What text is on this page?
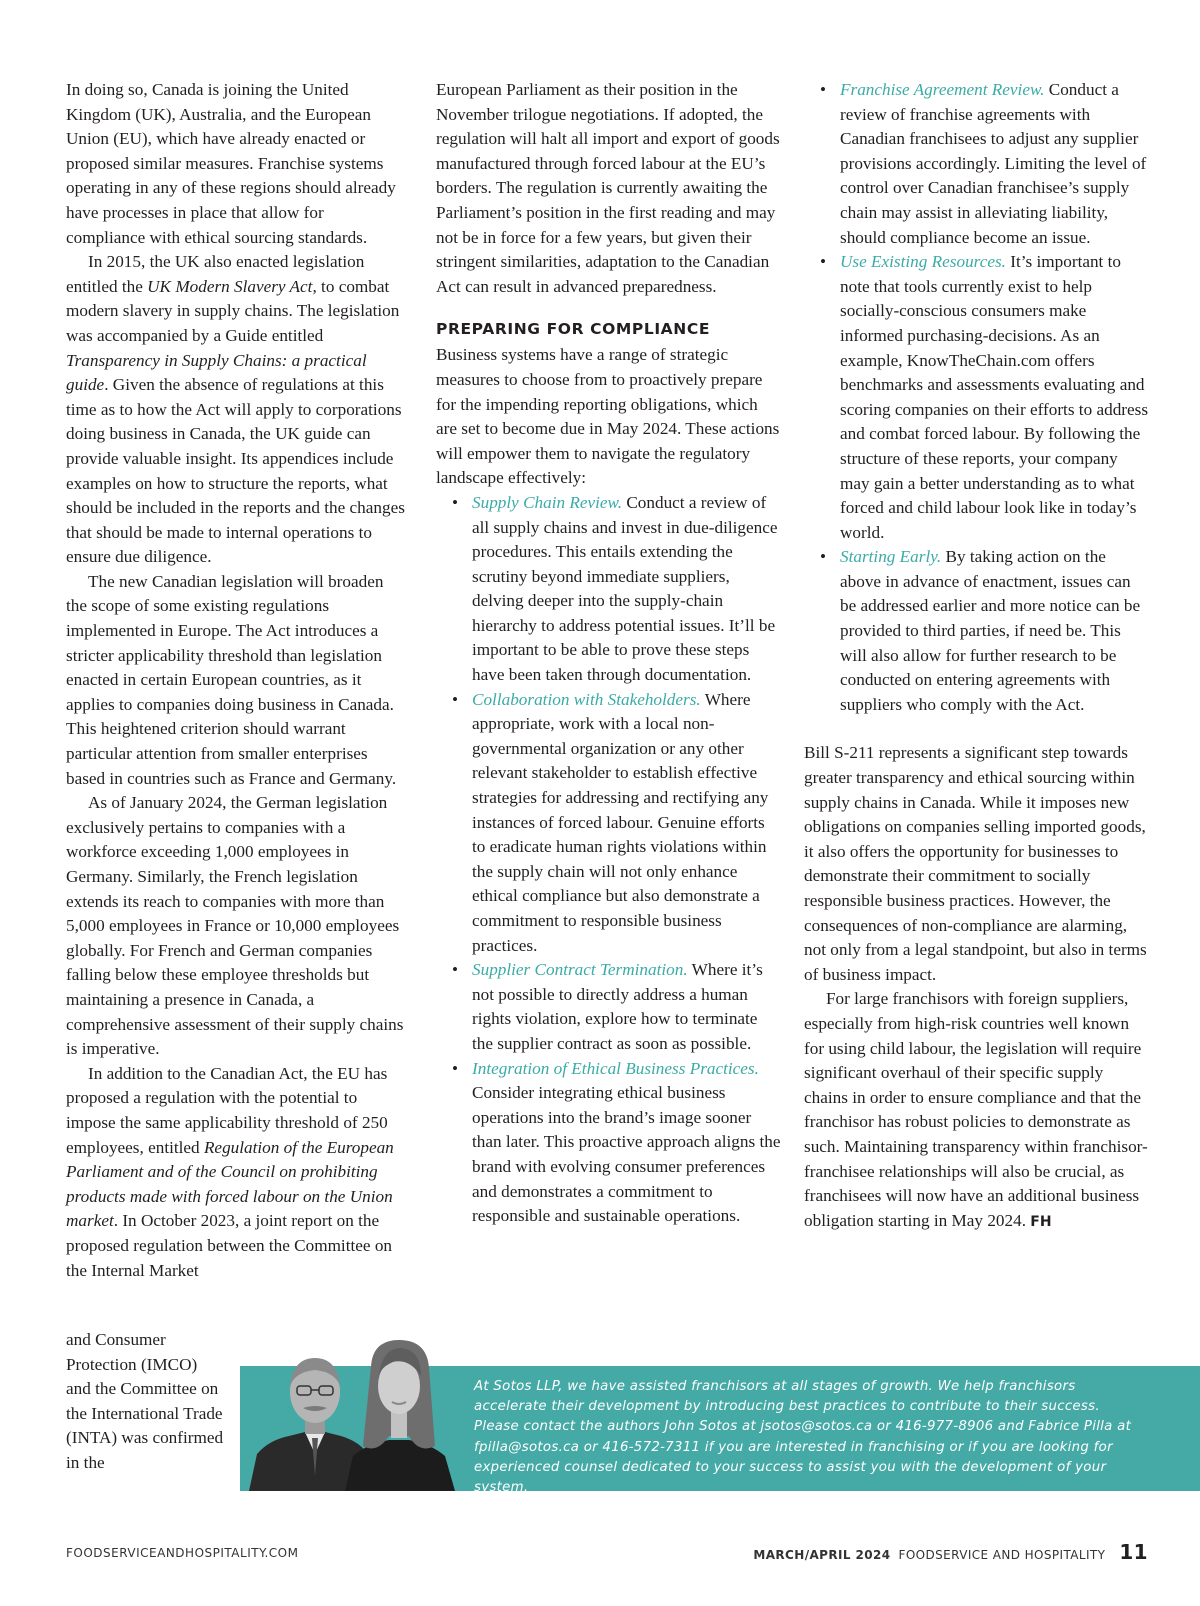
In doing so, Canada is joining the United Kingdom (UK), Australia, and the European Union (EU), which have already enacted or proposed similar measures. Franchise systems operating in any of these regions should already have processes in place that allow for compliance with ethical sourcing standards.

In 2015, the UK also enacted legislation entitled the UK Modern Slavery Act, to combat modern slavery in supply chains. The legislation was accompanied by a Guide entitled Transparency in Supply Chains: a practical guide. Given the absence of regulations at this time as to how the Act will apply to corporations doing business in Canada, the UK guide can provide valuable insight. Its appendices include examples on how to structure the reports, what should be included in the reports and the changes that should be made to internal operations to ensure due diligence.

The new Canadian legislation will broaden the scope of some existing regulations implemented in Europe. The Act introduces a stricter applicability threshold than legislation enacted in certain European countries, as it applies to companies doing business in Canada. This heightened criterion should warrant particular attention from smaller enterprises based in countries such as France and Germany.

As of January 2024, the German legislation exclusively pertains to companies with a workforce exceeding 1,000 employees in Germany. Similarly, the French legislation extends its reach to companies with more than 5,000 employees in France or 10,000 employees globally. For French and German companies falling below these employee thresholds but maintaining a presence in Canada, a comprehensive assessment of their supply chains is imperative.

In addition to the Canadian Act, the EU has proposed a regulation with the potential to impose the same applicability threshold of 250 employees, entitled Regulation of the European Parliament and of the Council on prohibiting products made with forced labour on the Union market. In October 2023, a joint report on the proposed regulation between the Committee on the Internal Market

and Consumer Protection (IMCO) and the Committee on the International Trade (INTA) was confirmed in the

European Parliament as their position in the November trilogue negotiations. If adopted, the regulation will halt all import and export of goods manufactured through forced labour at the EU’s borders. The regulation is currently awaiting the Parliament’s position in the first reading and may not be in force for a few years, but given their stringent similarities, adaptation to the Canadian Act can result in advanced preparedness.

PREPARING FOR COMPLIANCE

Business systems have a range of strategic measures to choose from to proactively prepare for the impending reporting obligations, which are set to become due in May 2024. These actions will empower them to navigate the regulatory landscape effectively:

• Supply Chain Review. Conduct a review of all supply chains and invest in due-diligence procedures. This entails extending the scrutiny beyond immediate suppliers, delving deeper into the supply-chain hierarchy to address potential issues. It’ll be important to be able to prove these steps have been taken through documentation.
• Collaboration with Stakeholders. Where appropriate, work with a local non-governmental organization or any other relevant stakeholder to establish effective strategies for addressing and rectifying any instances of forced labour. Genuine efforts to eradicate human rights violations within the supply chain will not only enhance ethical compliance but also demonstrate a commitment to responsible business practices.
• Supplier Contract Termination. Where it’s not possible to directly address a human rights violation, explore how to terminate the supplier contract as soon as possible.
• Integration of Ethical Business Practices. Consider integrating ethical business operations into the brand’s image sooner than later. This proactive approach aligns the brand with evolving consumer preferences and demonstrates a commitment to responsible and sustainable operations.
• Franchise Agreement Review. Conduct a review of franchise agreements with Canadian franchisees to adjust any supplier provisions accordingly. Limiting the level of control over Canadian franchisee’s supply chain may assist in alleviating liability, should compliance become an issue.
• Use Existing Resources. It’s important to note that tools currently exist to help socially-conscious consumers make informed purchasing-decisions. As an example, KnowTheChain.com offers benchmarks and assessments evaluating and scoring companies on their efforts to address and combat forced labour. By following the structure of these reports, your company may gain a better understanding as to what forced and child labour look like in today’s world.
• Starting Early. By taking action on the above in advance of enactment, issues can be addressed earlier and more notice can be provided to third parties, if need be. This will also allow for further research to be conducted on entering agreements with suppliers who comply with the Act.

Bill S-211 represents a significant step towards greater transparency and ethical sourcing within supply chains in Canada. While it imposes new obligations on companies selling imported goods, it also offers the opportunity for businesses to demonstrate their commitment to socially responsible business practices. However, the consequences of non-compliance are alarming, not only from a legal standpoint, but also in terms of business impact.

For large franchisors with foreign suppliers, especially from high-risk countries well known for using child labour, the legislation will require significant overhaul of their specific supply chains in order to ensure compliance and that the franchisor has robust policies to demonstrate as such. Maintaining transparency within franchisor-franchisee relationships will also be crucial, as franchisees will now have an additional business obligation starting in May 2024. FH

At Sotos LLP, we have assisted franchisors at all stages of growth. We help franchisors accelerate their development by introducing best practices to contribute to their success. Please contact the authors John Sotos at jsotos@sotos.ca or 416-977-8906 and Fabrice Pilla at fpilla@sotos.ca or 416-572-7311 if you are interested in franchising or if you are looking for experienced counsel dedicated to your success to assist you with the development of your system.
FOODSERVICEANDHOSPITALITY.COM	MARCH/APRIL 2024 FOODSERVICE AND HOSPITALITY 11
